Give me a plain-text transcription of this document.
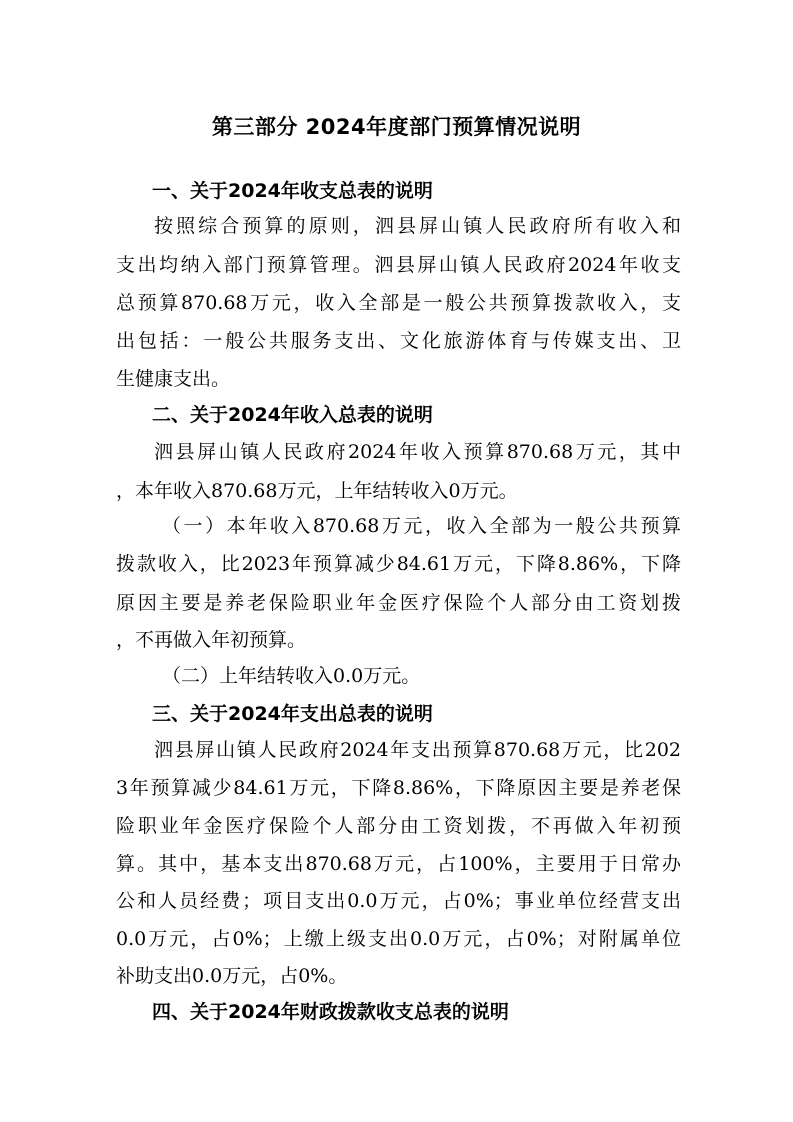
第三部分 2024年度部门预算情况说明
一、关于2024年收支总表的说明
按照综合预算的原则，泗县屏山镇人民政府所有收入和
支出均纳入部门预算管理。泗县屏山镇人民政府2024年收支
总预算870.68万元，收入全部是一般公共预算拨款收入，支
出包括：一般公共服务支出、文化旅游体育与传媒支出、卫
生健康支出。
二、关于2024年收入总表的说明
泗县屏山镇人民政府2024年收入预算870.68万元，其中
，本年收入870.68万元，上年结转收入0万元。
（一）本年收入870.68万元，收入全部为一般公共预算
拨款收入，比2023年预算减少84.61万元，下降8.86%，下降
原因主要是养老保险职业年金医疗保险个人部分由工资划拨
，不再做入年初预算。
（二）上年结转收入0.0万元。
三、关于2024年支出总表的说明
泗县屏山镇人民政府2024年支出预算870.68万元，比202
3年预算减少84.61万元，下降8.86%，下降原因主要是养老保
险职业年金医疗保险个人部分由工资划拨，不再做入年初预
算。其中，基本支出870.68万元，占100%，主要用于日常办
公和人员经费；项目支出0.0万元，占0%；事业单位经营支出
0.0万元，占0%；上缴上级支出0.0万元，占0%；对附属单位
补助支出0.0万元，占0%。
四、关于2024年财政拨款收支总表的说明
